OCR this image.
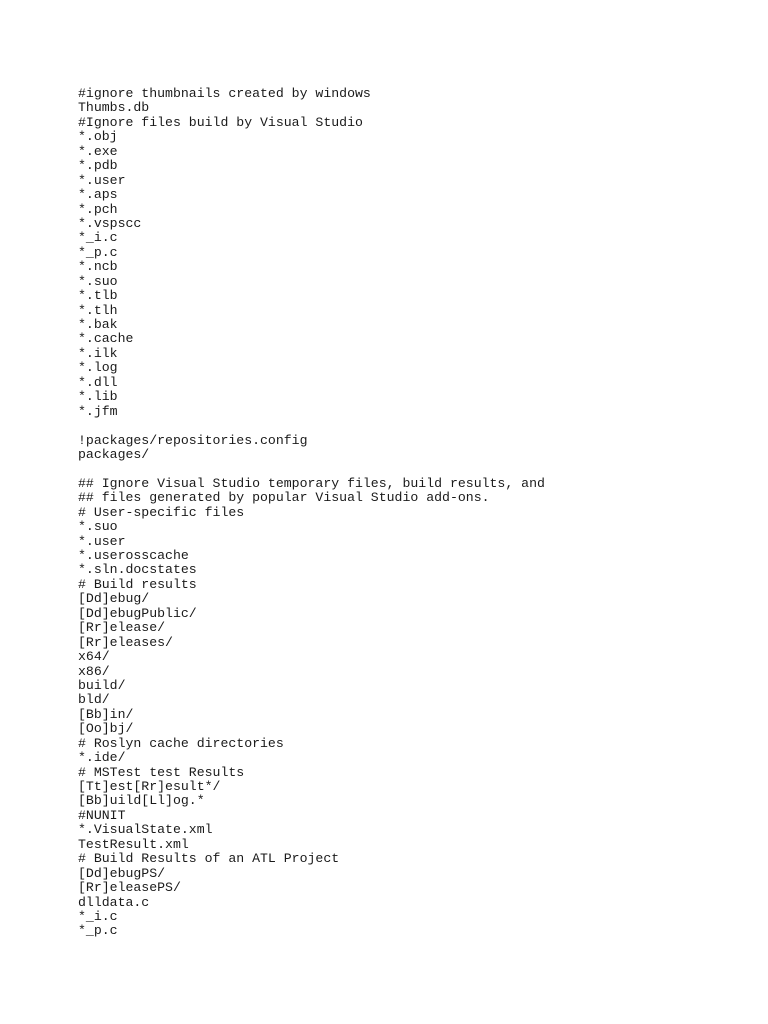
#ignore thumbnails created by windows
Thumbs.db
#Ignore files build by Visual Studio
*.obj
*.exe
*.pdb
*.user
*.aps
*.pch
*.vspscc
*_i.c
*_p.c
*.ncb
*.suo
*.tlb
*.tlh
*.bak
*.cache
*.ilk
*.log
*.dll
*.lib
*.jfm
!packages/repositories.config
packages/
## Ignore Visual Studio temporary files, build results, and
## files generated by popular Visual Studio add-ons.
# User-specific files
*.suo
*.user
*.userosscache
*.sln.docstates
# Build results
[Dd]ebug/
[Dd]ebugPublic/
[Rr]elease/
[Rr]eleases/
x64/
x86/
build/
bld/
[Bb]in/
[Oo]bj/
# Roslyn cache directories
*.ide/
# MSTest test Results
[Tt]est[Rr]esult*/
[Bb]uild[Ll]og.*
#NUNIT
*.VisualState.xml
TestResult.xml
# Build Results of an ATL Project
[Dd]ebugPS/
[Rr]eleasePS/
dlldata.c
*_i.c
*_p.c
